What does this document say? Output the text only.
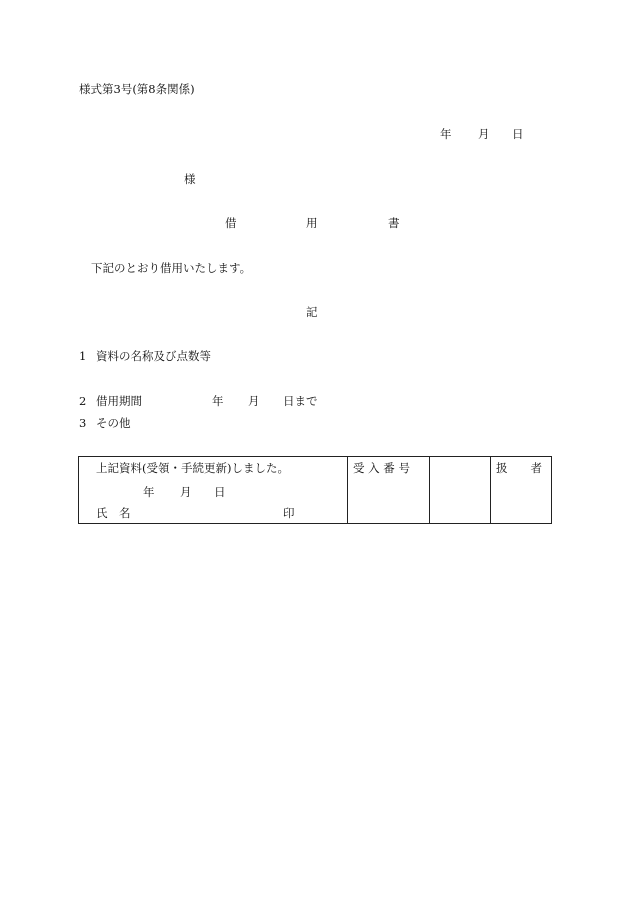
様式第3号(第8条関係)
年 月 日
様
借	用	書
下記のとおり借用いたします。
記
1 資料の名称及び点数等
2 借用期間	年 月 日まで
3 その他
上記資料(受領・手続更新)しました。
年 月 日
氏　名	印

受 入 番 号		扱　　者
